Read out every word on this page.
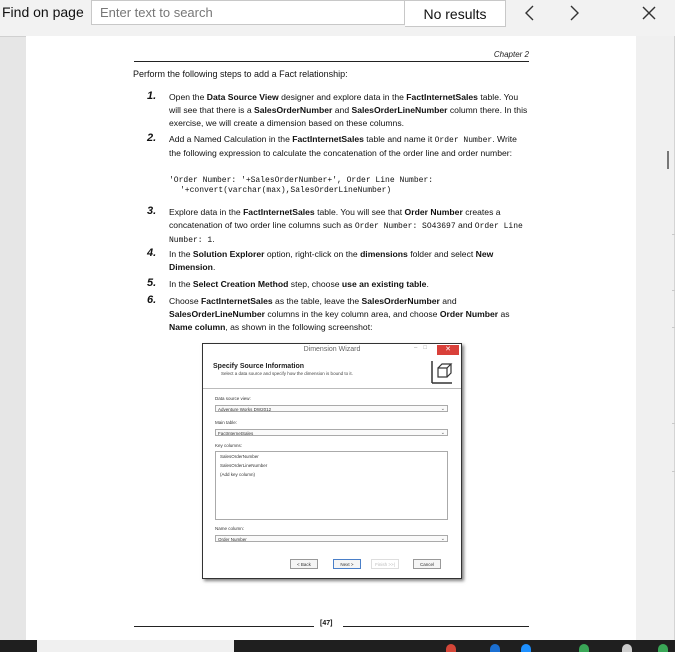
Find on page
Enter text to search	No results
Chapter 2
Perform the following steps to add a Fact relationship:
1. Open the Data Source View designer and explore data in the FactInternetSales table. You will see that there is a SalesOrderNumber and SalesOrderLineNumber column there. In this exercise, we will create a dimension based on these columns.
2. Add a Named Calculation in the FactInternetSales table and name it Order Number. Write the following expression to calculate the concatenation of the order line and order number:
'Order Number: '+SalesOrderNumber+', Order Line Number:
'+convert(varchar(max),SalesOrderLineNumber)
3. Explore data in the FactInternetSales table. You will see that Order Number creates a concatenation of two order line columns such as Order Number: SO43697 and Order Line Number: 1.
4. In the Solution Explorer option, right-click on the dimensions folder and select New Dimension.
5. In the Select Creation Method step, choose use an existing table.
6. Choose FactInternetSales as the table, leave the SalesOrderNumber and SalesOrderLineNumber columns in the key column area, and choose Order Number as Name column, as shown in the following screenshot:
Dimension Wizard	–□	✕
Specify Source Information
Select a data source and specify how the dimension is bound to it.
Data source view:
Adventure Works DW2012	⌄
Main table:
FactInternetSales	⌄
Key columns:
SalesOrderNumber
SalesOrderLineNumber
(Add key column)
Name column:
Order Number	⌄
< Back	Next >	Finish >>|	Cancel
[47]
